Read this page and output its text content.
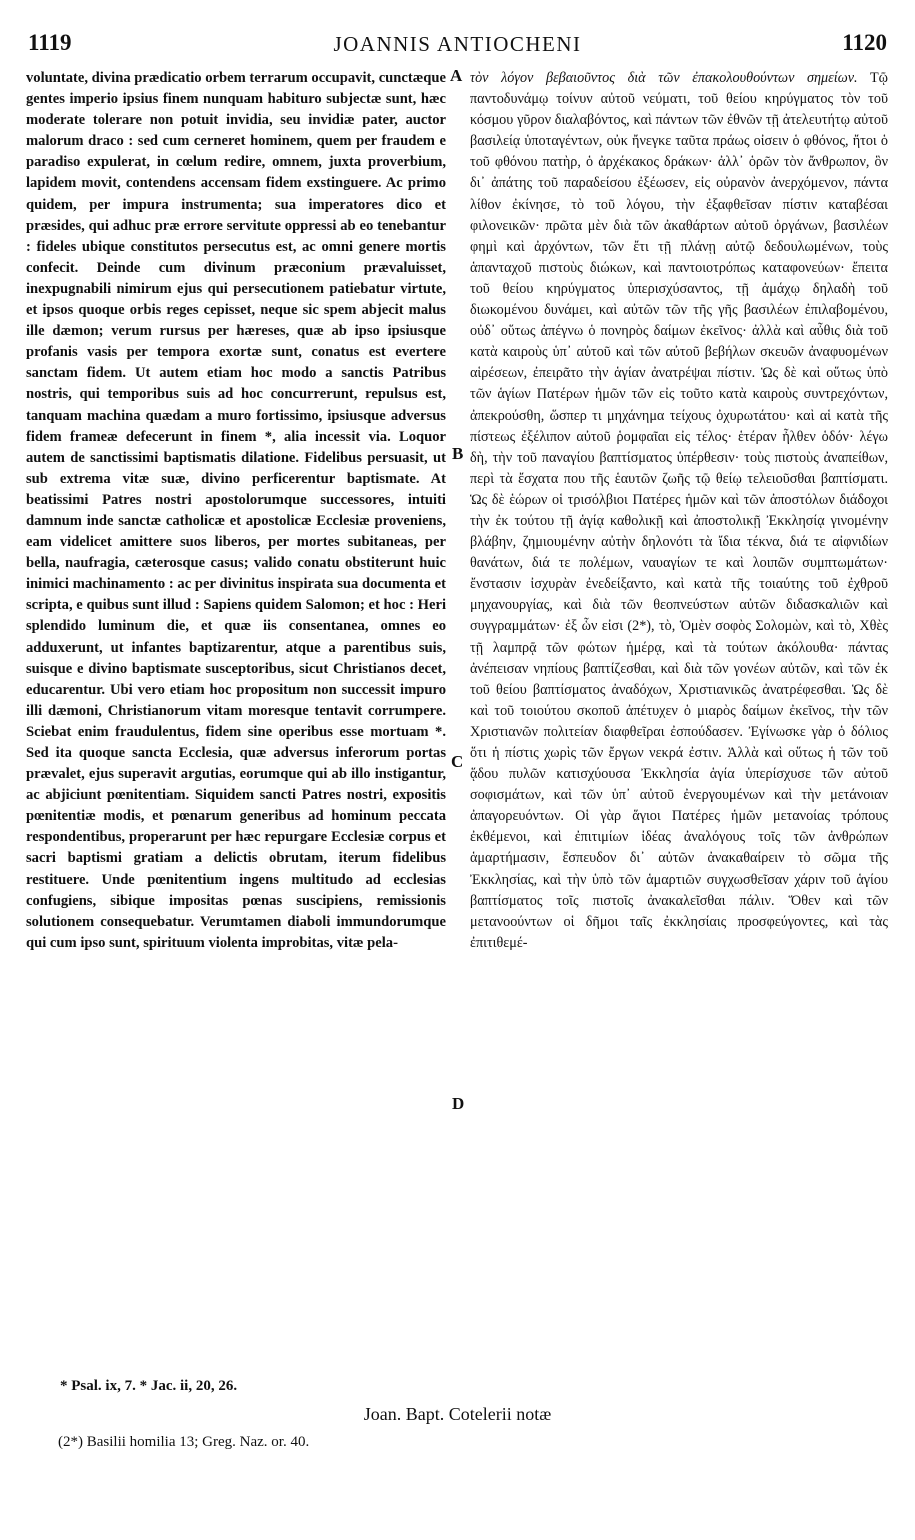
1119	JOANNIS ANTIOCHENI	1120

voluntate, divina prædicatio orbem terrarum occupavit, cunctæque gentes imperio ipsius finem nunquam habituro subjectæ sunt, hæc moderate tolerare non potuit invidia, seu invidiæ pater, auctor malorum draco : sed cum cerneret hominem, quem per fraudem e paradiso expulerat, in cœlum redire, omnem, juxta proverbium, lapidem movit, contendens accensam fidem exstinguere. Ac primo quidem, per impura instrumenta; sua imperatores dico et præsides, qui adhuc præ errore servitute oppressi ab eo tenebantur : fideles ubique constitutos persecutus est, ac omni genere mortis confecit. Deinde cum divinum præconium prævaluisset, inexpugnabili nimirum ejus qui persecutionem patiebatur virtute, et ipsos quoque orbis reges cepisset, neque sic spem abjecit malus ille dæmon; verum rursus per hæreses, quæ ab ipso ipsiusque profanis vasis per tempora exortæ sunt, conatus est evertere sanctam fidem. Ut autem etiam hoc modo a sanctis Patribus nostris, qui temporibus suis ad hoc concurrerunt, repulsus est, tanquam machina quædam a muro fortissimo, ipsiusque adversus fidem frameæ defecerunt in finem *, alia incessit via. Loquor autem de sanctissimi baptismatis dilatione. Fidelibus persuasit, ut sub extrema vitæ suæ, divino perficerentur baptismate. At beatissimi Patres nostri apostolorumque successores, intuiti damnum inde sanctæ catholicæ et apostolicæ Ecclesiæ proveniens, eam videlicet amittere suos liberos, per mortes subitaneas, per bella, naufragia, cæterosque casus; valido conatu obstiterunt huic inimici machinamento : ac per divinitus inspirata sua documenta et scripta, e quibus sunt illud : Sapiens quidem Salomon; et hoc : Heri splendido luminum die, et quæ iis consentanea, omnes eo adduxerunt, ut infantes baptizarentur, atque a parentibus suis, suisque e divino baptismate susceptoribus, sicut Christianos decet, educarentur. Ubi vero etiam hoc propositum non successit impuro illi dæmoni, Christianorum vitam moresque tentavit corrumpere. Sciebat enim fraudulentus, fidem sine operibus esse mortuam *. Sed ita quoque sancta Ecclesia, quæ adversus inferorum portas prævalet, ejus superavit argutias, eorumque qui ab illo instigantur, ac abjiciunt pœnitentiam. Siquidem sancti Patres nostri, expositis pœnitentiæ modis, et pœnarum generibus ad hominum peccata respondentibus, properarunt per hæc repurgare Ecclesiæ corpus et sacri baptismi gratiam a delictis obrutam, iterum fidelibus restituere. Unde pœnitentium ingens multitudo ad ecclesias confugiens, sibique impositas pœnas suscipiens, remissionis solutionem consequebatur. Verumtamen diaboli immundorumque qui cum ipso sunt, spirituum violenta improbitas, vitæ pela-

τὸν λόγον βεβαιοῦντος διὰ τῶν ἐπακολουθούντων σημείων. Τῷ παντοδυνάμῳ τοίνυν αὐτοῦ νεύματι, τοῦ θείου κηρύγματος τὸν τοῦ κόσμου γῦρον διαλαβόντος, καὶ πάντων τῶν ἐθνῶν τῇ ἀτελευτήτῳ αὐτοῦ βασιλείᾳ ὑποταγέντων, οὐκ ἤνεγκε ταῦτα πράως οἰσειν ὁ φθόνος, ἤτοι ὁ τοῦ φθόνου πατὴρ, ὁ ἀρχέκακος δράκων· ἀλλ᾽ ὁρῶν τὸν ἄνθρωπον, ὃν δι᾽ ἀπάτης τοῦ παραδείσου ἐξέωσεν, εἰς οὐρανὸν ἀνερχόμενον, πάντα λίθον ἐκίνησε, τὸ τοῦ λόγου, τὴν ἐξαφθεῖσαν πίστιν καταβέσαι φιλονεικῶν· πρῶτα μὲν διὰ τῶν ἀκαθάρτων αὐτοῦ ὀργάνων, βασιλέων φημὶ καὶ ἀρχόντων, τῶν ἔτι τῇ πλάνῃ αὐτῷ δεδουλωμένων, τοὺς ἁπανταχοῦ πιστοὺς διώκων, καὶ παντοιοτρόπως καταφονεύων· ἔπειτα τοῦ θείου κηρύγματος ὑπερισχύσαντος, τῇ ἀμάχῳ δηλαδὴ τοῦ διωκομένου δυνάμει, καὶ αὐτῶν τῶν τῆς γῆς βασιλέων ἐπιλαβομένου, οὐδ᾽ οὕτως ἀπέγνω ὁ πονηρὸς δαίμων ἐκεῖνος· ἀλλὰ καὶ αὖθις διὰ τοῦ κατὰ καιροὺς ὑπ᾽ αὐτοῦ καὶ τῶν αὐτοῦ βεβήλων σκευῶν ἀναφυομένων αἱρέσεων, ἐπειρᾶτο τὴν ἁγίαν ἀνατρέψαι πίστιν. Ὡς δὲ καὶ οὕτως ὑπὸ τῶν ἁγίων Πατέρων ἡμῶν τῶν εἰς τοῦτο κατὰ καιροὺς συντρεχόντων, ἀπεκρούσθη, ὥσπερ τι μηχάνημα τείχους ὀχυρωτάτου· καὶ αἱ κατὰ τῆς πίστεως ἐξέλιπον αὐτοῦ ῥομφαῖαι εἰς τέλος· ἑτέραν ἦλθεν ὁδόν· λέγω δὴ, τὴν τοῦ παναγίου βαπτίσματος ὑπέρθεσιν· τοὺς πιστοὺς ἀναπείθων, περὶ τὰ ἔσχατα που τῆς ἑαυτῶν ζωῆς τῷ θείῳ τελειοῦσθαι βαπτίσματι. Ὡς δὲ ἑώρων οἱ τρισόλβιοι Πατέρες ἡμῶν καὶ τῶν ἀποστόλων διάδοχοι τὴν ἐκ τούτου τῇ ἁγίᾳ καθολικῇ καὶ ἀποστολικῇ Ἐκκλησίᾳ γινομένην βλάβην, ζημιουμένην αὐτὴν δηλονότι τὰ ἴδια τέκνα, διά τε αἰφνιδίων θανάτων, διά τε πολέμων, ναυαγίων τε καὶ λοιπῶν συμπτωμάτων· ἔνστασιν ἰσχυρὰν ἐνεδείξαντο, καὶ κατὰ τῆς τοιαύτης τοῦ ἐχθροῦ μηχανουργίας, καὶ διὰ τῶν θεοπνεύστων αὐτῶν διδασκαλιῶν καὶ συγγραμμάτων· ἐξ ὧν εἰσι (2*), τὸ, Ὁμὲν σοφὸς Σολομὼν, καὶ τὸ, Χθὲς τῇ λαμπρᾷ τῶν φώτων ἡμέρᾳ, καὶ τὰ τούτων ἀκόλουθα· πάντας ἀνέπεισαν νηπίους βαπτίζεσθαι, καὶ διὰ τῶν γονέων αὐτῶν, καὶ τῶν ἐκ τοῦ θείου βαπτίσματος ἀναδόχων, Χριστιανικῶς ἀνατρέφεσθαι. Ὡς δὲ καὶ τοῦ τοιούτου σκοποῦ ἀπέτυχεν ὁ μιαρὸς δαίμων ἐκεῖνος, τὴν τῶν Χριστιανῶν πολιτείαν διαφθεῖραι ἐσπούδασεν. Ἐγίνωσκε γὰρ ὁ δόλιος ὅτι ἡ πίστις χωρὶς τῶν ἔργων νεκρά ἐστιν. Ἀλλὰ καὶ οὕτως ἡ τῶν τοῦ ᾅδου πυλῶν κατισχύουσα Ἐκκλησία ἁγία ὑπερίσχυσε τῶν αὐτοῦ σοφισμάτων, καὶ τῶν ὑπ᾽ αὐτοῦ ἐνεργουμένων καὶ τὴν μετάνοιαν ἀπαγορευόντων. Οἱ γὰρ ἅγιοι Πατέρες ἡμῶν μετανοίας τρόπους ἐκθέμενοι, καὶ ἐπιτιμίων ἰδέας ἀναλόγους τοῖς τῶν ἀνθρώπων ἁμαρτήμασιν, ἔσπευδον δι᾽ αὐτῶν ἀνακαθαίρειν τὸ σῶμα τῆς Ἐκκλησίας, καὶ τὴν ὑπὸ τῶν ἁμαρτιῶν συγχωσθεῖσαν χάριν τοῦ ἁγίου βαπτίσματος τοῖς πιστοῖς ἀνακαλεῖσθαι πάλιν. Ὅθεν καὶ τῶν μετανοούντων οἱ δῆμοι ταῖς ἐκκλησίαις προσφεύγοντες, καὶ τὰς ἐπιτιθεμέ-

A
B
C
D
* Psal. ix, 7. * Jac. ii, 20, 26.
Joan. Bapt. Cotelerii notæ
(2*) Basilii homilia 13; Greg. Naz. or. 40.
